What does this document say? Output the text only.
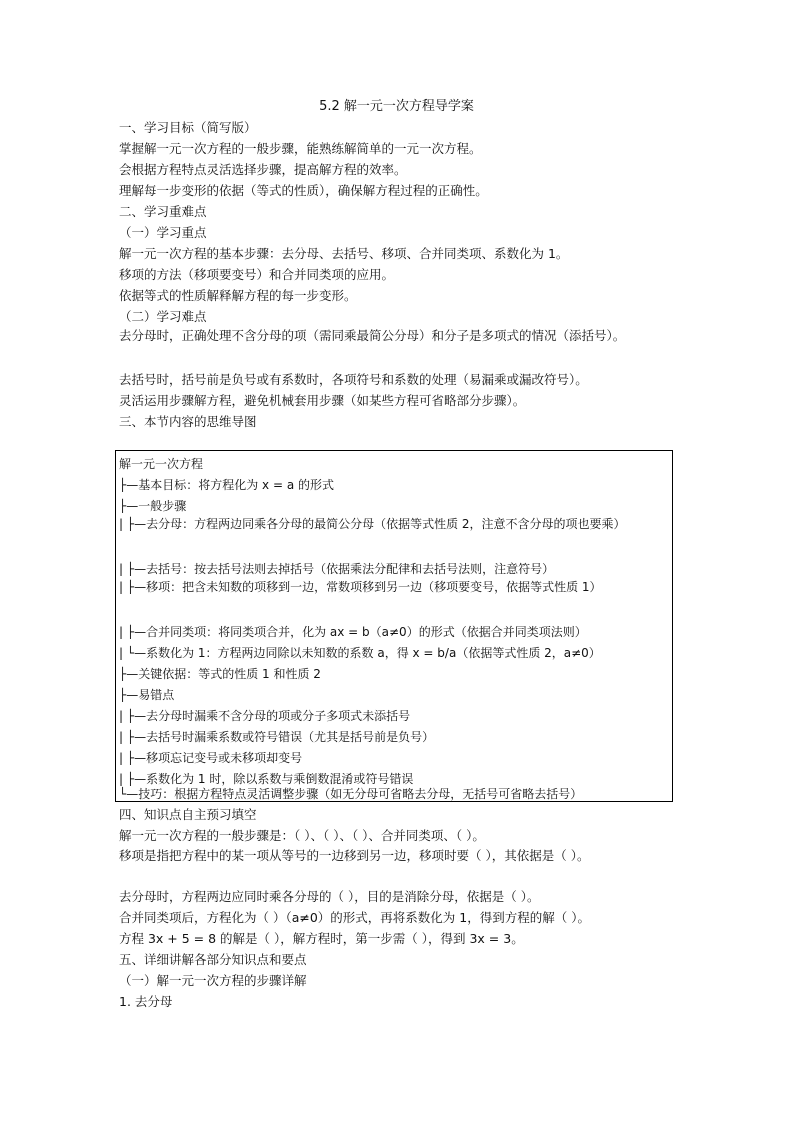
5.2 解一元一次方程导学案
一、学习目标（简写版）
掌握解一元一次方程的一般步骤，能熟练解简单的一元一次方程。
会根据方程特点灵活选择步骤，提高解方程的效率。
理解每一步变形的依据（等式的性质），确保解方程过程的正确性。
二、学习重难点
（一）学习重点
解一元一次方程的基本步骤：去分母、去括号、移项、合并同类项、系数化为 1。
移项的方法（移项要变号）和合并同类项的应用。
依据等式的性质解释解方程的每一步变形。
（二）学习难点
去分母时，正确处理不含分母的项（需同乘最简公分母）和分子是多项式的情况（添括号）。
去括号时，括号前是负号或有系数时，各项符号和系数的处理（易漏乘或漏改符号）。
灵活运用步骤解方程，避免机械套用步骤（如某些方程可省略部分步骤）。
三、本节内容的思维导图
解一元一次方程
├—基本目标：将方程化为 x = a 的形式
├—一般步骤
| ├—去分母：方程两边同乘各分母的最简公分母（依据等式性质 2，注意不含分母的项也要乘）
| ├—去括号：按去括号法则去掉括号（依据乘法分配律和去括号法则，注意符号）
| ├—移项：把含未知数的项移到一边，常数项移到另一边（移项要变号，依据等式性质 1）
| ├—合并同类项：将同类项合并，化为 ax = b（a≠0）的形式（依据合并同类项法则）
| └—系数化为 1：方程两边同除以未知数的系数 a，得 x = b/a（依据等式性质 2，a≠0）
├—关键依据：等式的性质 1 和性质 2
├—易错点
| ├—去分母时漏乘不含分母的项或分子多项式未添括号
| ├—去括号时漏乘系数或符号错误（尤其是括号前是负号）
| ├—移项忘记变号或未移项却变号
| ├—系数化为 1 时，除以系数与乘倒数混淆或符号错误
└—技巧：根据方程特点灵活调整步骤（如无分母可省略去分母，无括号可省略去括号）
四、知识点自主预习填空
解一元一次方程的一般步骤是：（ ）、（ ）、（ ）、合并同类项、（ ）。
移项是指把方程中的某一项从等号的一边移到另一边，移项时要（ ），其依据是（ ）。
去分母时，方程两边应同时乘各分母的（ ），目的是消除分母，依据是（ ）。
合并同类项后，方程化为（ ）（a≠0）的形式，再将系数化为 1，得到方程的解（ ）。
方程 3x + 5 = 8 的解是（ ），解方程时，第一步需（ ），得到 3x = 3。
五、详细讲解各部分知识点和要点
（一）解一元一次方程的步骤详解
1. 去分母
